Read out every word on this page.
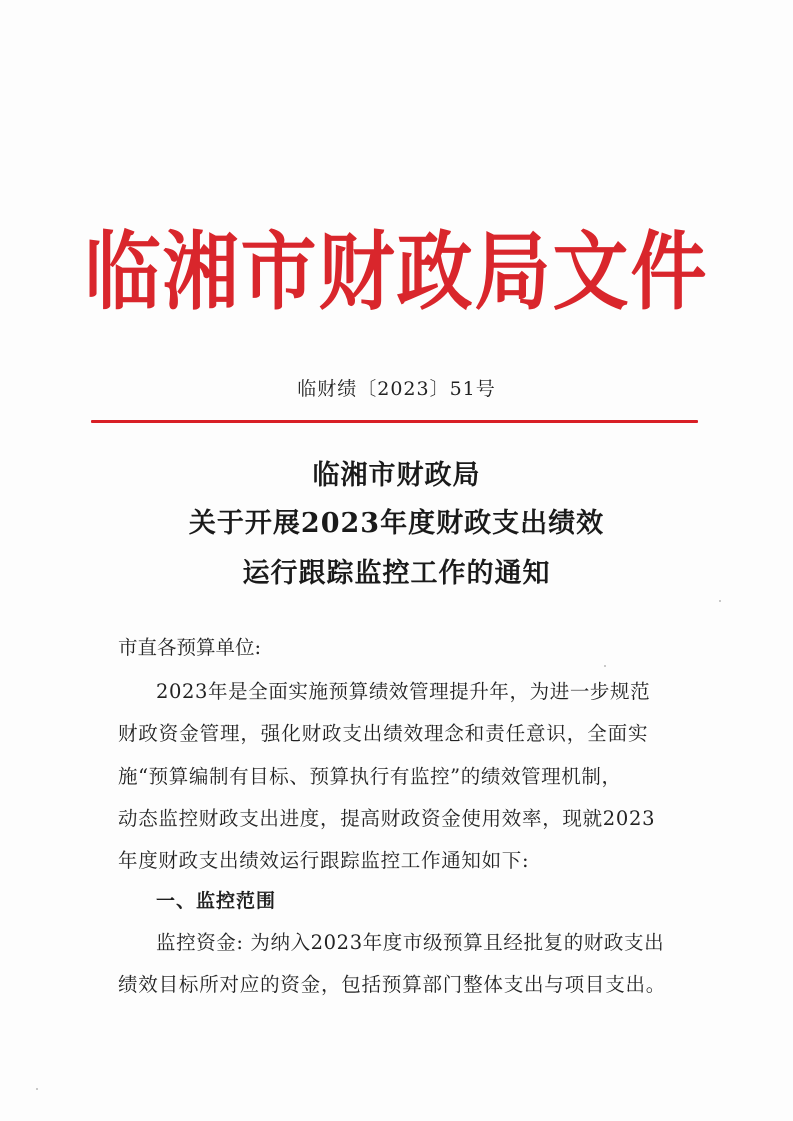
临湘市财政局文件
临财绩〔2023〕51号
临湘市财政局
关于开展2023年度财政支出绩效
运行跟踪监控工作的通知
市直各预算单位:
2023年是全面实施预算绩效管理提升年，为进一步规范
财政资金管理，强化财政支出绩效理念和责任意识，全面实
施“预算编制有目标、预算执行有监控”的绩效管理机制，
动态监控财政支出进度，提高财政资金使用效率，现就2023
年度财政支出绩效运行跟踪监控工作通知如下:
一、监控范围
监控资金: 为纳入2023年度市级预算且经批复的财政支出
绩效目标所对应的资金，包括预算部门整体支出与项目支出。
